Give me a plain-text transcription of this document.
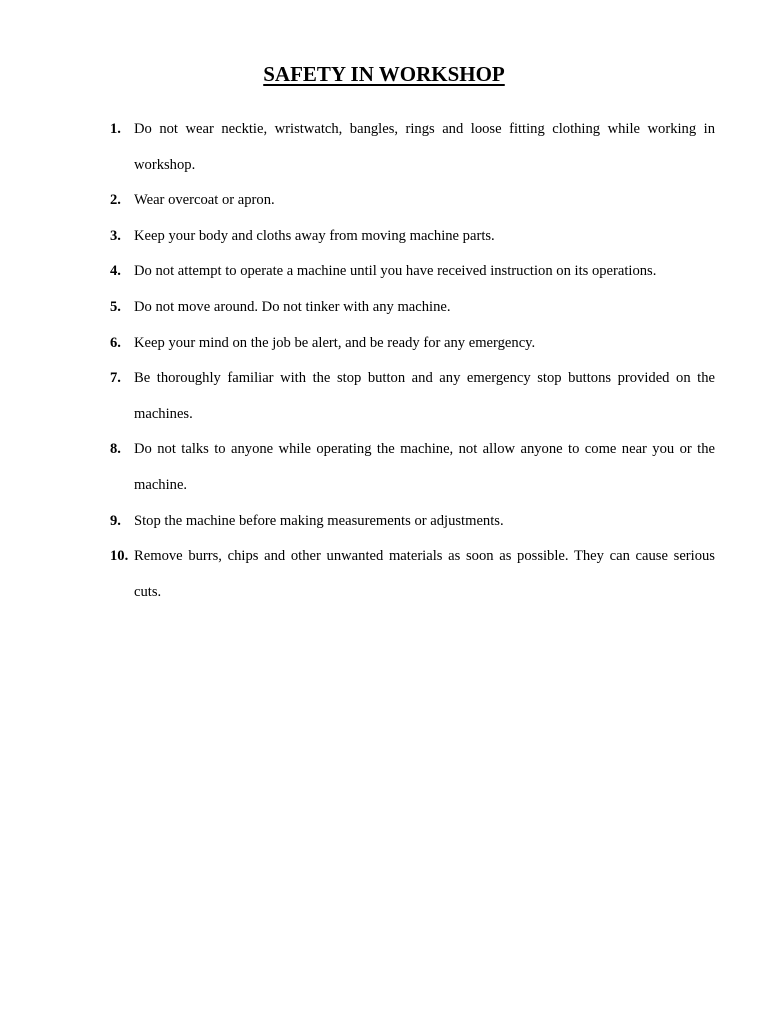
SAFETY IN WORKSHOP
1. Do not wear necktie, wristwatch, bangles, rings and loose fitting clothing while working in workshop.
2. Wear overcoat or apron.
3. Keep your body and cloths away from moving machine parts.
4. Do not attempt to operate a machine until you have received instruction on its operations.
5. Do not move around. Do not tinker with any machine.
6. Keep your mind on the job be alert, and be ready for any emergency.
7. Be thoroughly familiar with the stop button and any emergency stop buttons provided on the machines.
8. Do not talks to anyone while operating the machine, not allow anyone to come near you or the machine.
9. Stop the machine before making measurements or adjustments.
10. Remove burrs, chips and other unwanted materials as soon as possible. They can cause serious cuts.
